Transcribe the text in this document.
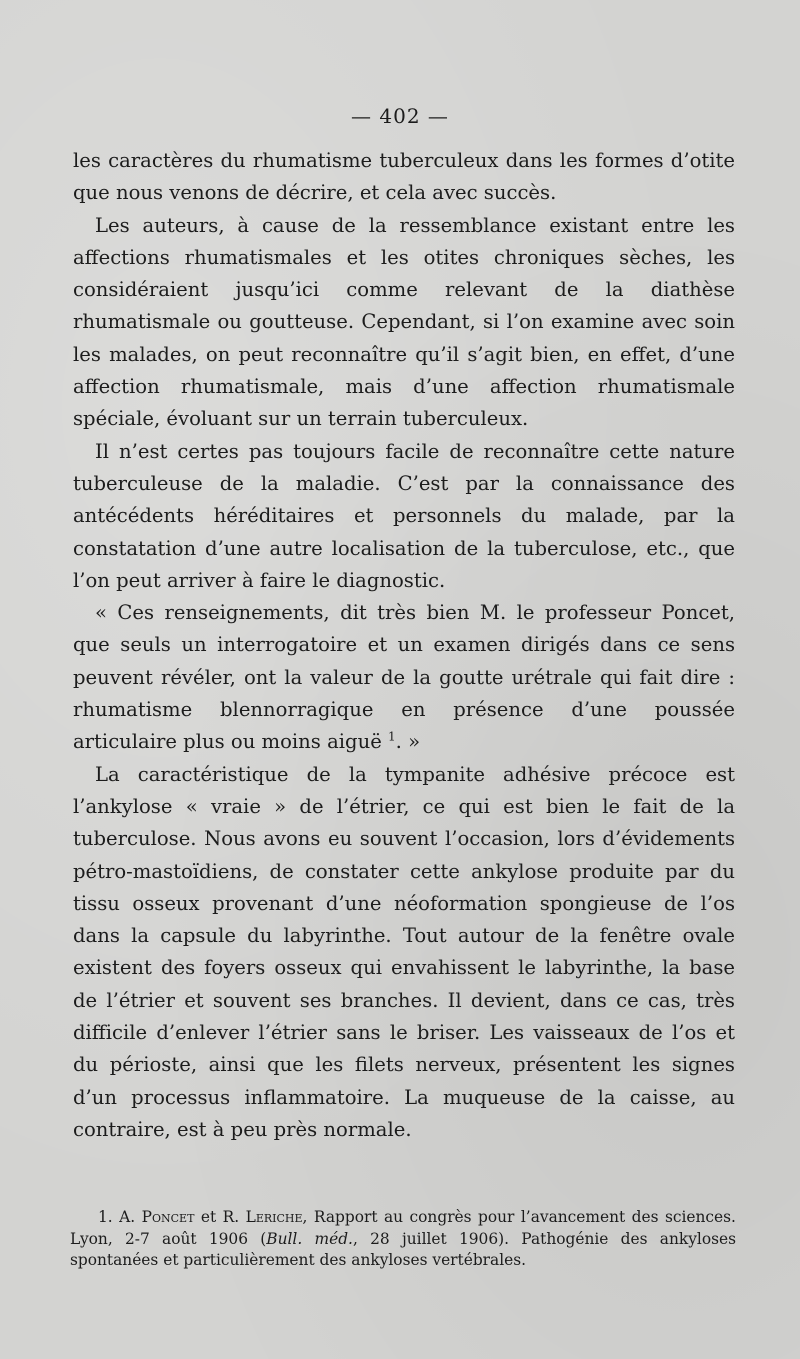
— 402 —

les caractères du rhumatisme tuberculeux dans les formes d’otite que nous venons de décrire, et cela avec succès.

Les auteurs, à cause de la ressemblance existant entre les affections rhumatismales et les otites chroniques sèches, les considéraient jusqu’ici comme relevant de la diathèse rhumatismale ou goutteuse. Cependant, si l’on examine avec soin les malades, on peut reconnaître qu’il s’agit bien, en effet, d’une affection rhumatismale, mais d’une affection rhumatismale spéciale, évoluant sur un terrain tuberculeux.

Il n’est certes pas toujours facile de reconnaître cette nature tuberculeuse de la maladie. C’est par la connaissance des antécédents héréditaires et personnels du malade, par la constatation d’une autre localisation de la tuberculose, etc., que l’on peut arriver à faire le diagnostic.

« Ces renseignements, dit très bien M. le professeur Poncet, que seuls un interrogatoire et un examen dirigés dans ce sens peuvent révéler, ont la valeur de la goutte urétrale qui fait dire : rhumatisme blennorragique en présence d’une poussée articulaire plus ou moins aiguë $^1$. »

La caractéristique de la tympanite adhésive précoce est l’ankylose « vraie » de l’étrier, ce qui est bien le fait de la tuberculose. Nous avons eu souvent l’occasion, lors d’évidements pétro-mastoïdiens, de constater cette ankylose produite par du tissu osseux provenant d’une néoformation spongieuse de l’os dans la capsule du labyrinthe. Tout autour de la fenêtre ovale existent des foyers osseux qui envahissent le labyrinthe, la base de l’étrier et souvent ses branches. Il devient, dans ce cas, très difficile d’enlever l’étrier sans le briser. Les vaisseaux de l’os et du périoste, ainsi que les filets nerveux, présentent les signes d’un processus inflammatoire. La muqueuse de la caisse, au contraire, est à peu près normale.

1. A. Poncet et R. Leriche, Rapport au congrès pour l’avancement des sciences. Lyon, 2-7 août 1906 (Bull. méd., 28 juillet 1906). Pathogénie des ankyloses spontanées et particulièrement des ankyloses vertébrales.
